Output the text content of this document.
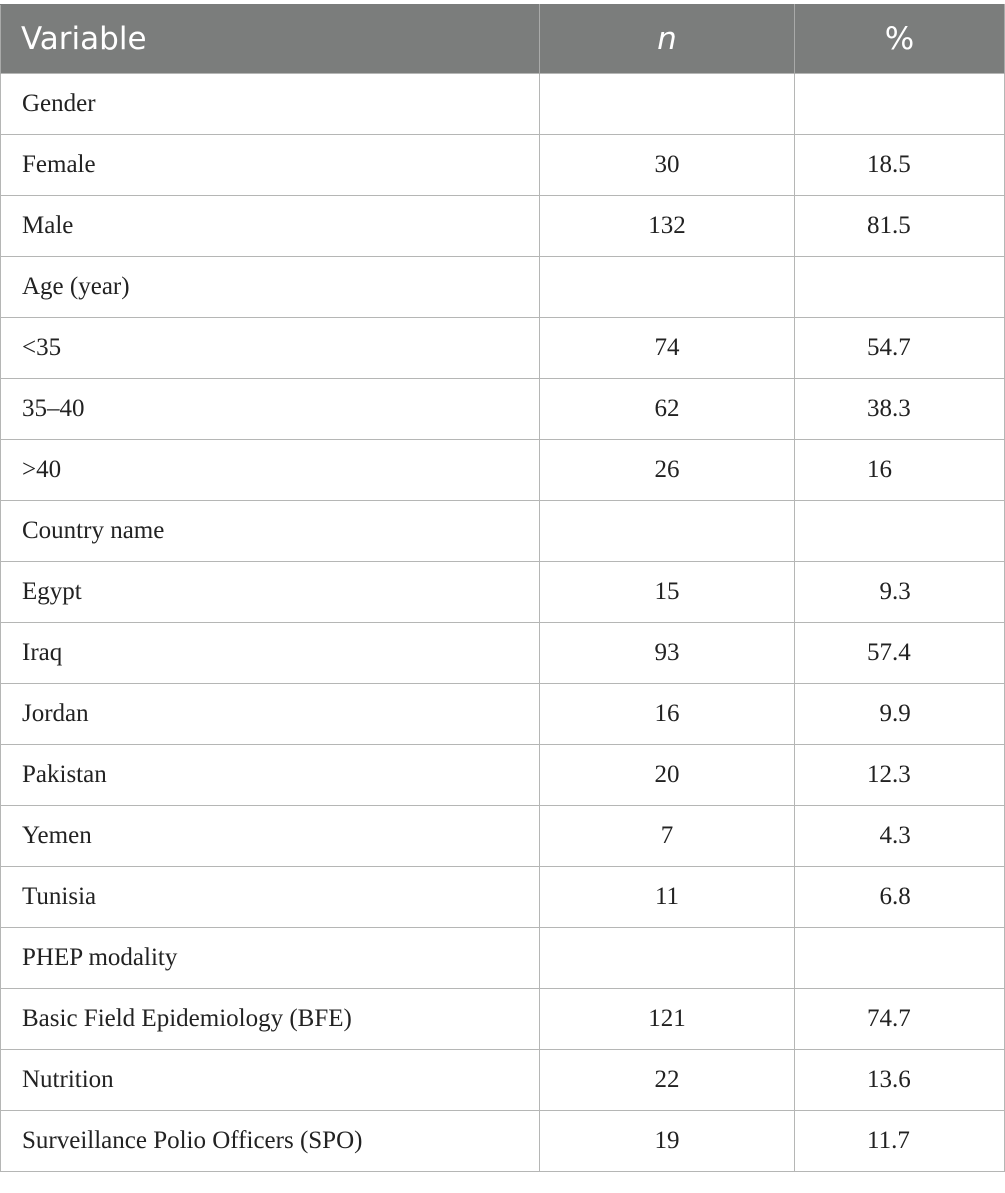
Variable	n	%
Gender		
Female	30	18.5
Male	132	81.5
Age (year)		
<35	74	54.7
35–40	62	38.3
>40	26	16
Country name		
Egypt	15	9.3
Iraq	93	57.4
Jordan	16	9.9
Pakistan	20	12.3
Yemen	7	4.3
Tunisia	11	6.8
PHEP modality		
Basic Field Epidemiology (BFE)	121	74.7
Nutrition	22	13.6
Surveillance Polio Officers (SPO)	19	11.7
